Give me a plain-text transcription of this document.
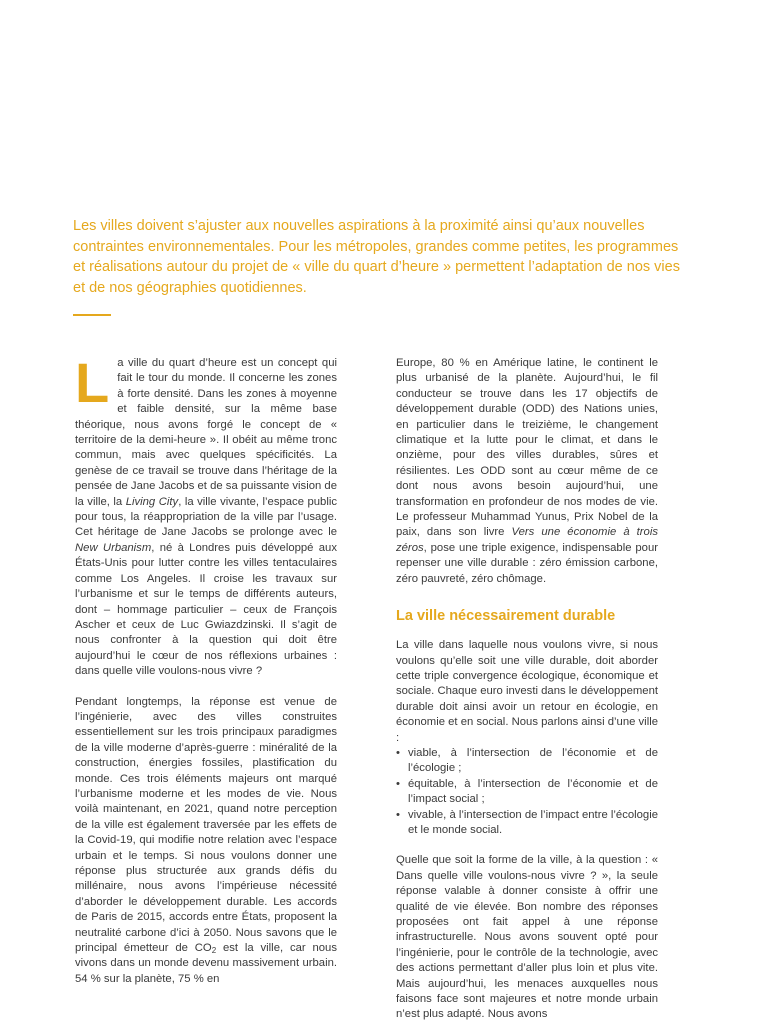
Les villes doivent s’ajuster aux nouvelles aspirations à la proximité ainsi qu’aux nouvelles contraintes environnementales. Pour les métropoles, grandes comme petites, les programmes et réalisations autour du projet de « ville du quart d’heure » permettent l’adaptation de nos vies et de nos géographies quotidiennes.

La ville du quart d’heure est un concept qui fait le tour du monde. Il concerne les zones à forte densité. Dans les zones à moyenne et faible densité, sur la même base théorique, nous avons forgé le concept de « territoire de la demi-heure ». Il obéit au même tronc commun, mais avec quelques spécificités. La genèse de ce travail se trouve dans l’héritage de la pensée de Jane Jacobs et de sa puissante vision de la ville, la Living City, la ville vivante, l’espace public pour tous, la réappropriation de la ville par l’usage. Cet héritage de Jane Jacobs se prolonge avec le New Urbanism, né à Londres puis développé aux États-Unis pour lutter contre les villes tentaculaires comme Los Angeles. Il croise les travaux sur l’urbanisme et sur le temps de différents auteurs, dont – hommage particulier – ceux de François Ascher et ceux de Luc Gwiazdzinski. Il s’agit de nous confronter à la question qui doit être aujourd’hui le cœur de nos réflexions urbaines : dans quelle ville voulons-nous vivre ?

Pendant longtemps, la réponse est venue de l’ingénierie, avec des villes construites essentiellement sur les trois principaux paradigmes de la ville moderne d’après-guerre : minéralité de la construction, énergies fossiles, plastification du monde. Ces trois éléments majeurs ont marqué l’urbanisme moderne et les modes de vie. Nous voilà maintenant, en 2021, quand notre perception de la ville est également traversée par les effets de la Covid-19, qui modifie notre relation avec l’espace urbain et le temps. Si nous voulons donner une réponse plus structurée aux grands défis du millénaire, nous avons l’impérieuse nécessité d’aborder le développement durable. Les accords de Paris de 2015, accords entre États, proposent la neutralité carbone d’ici à 2050. Nous savons que le principal émetteur de $CO_2$ est la ville, car nous vivons dans un monde devenu massivement urbain. 54 % sur la planète, 75 % en

Europe, 80 % en Amérique latine, le continent le plus urbanisé de la planète. Aujourd’hui, le fil conducteur se trouve dans les 17 objectifs de développement durable (ODD) des Nations unies, en particulier dans le treizième, le changement climatique et la lutte pour le climat, et dans le onzième, pour des villes durables, sûres et résilientes. Les ODD sont au cœur même de ce dont nous avons besoin aujourd’hui, une transformation en profondeur de nos modes de vie. Le professeur Muhammad Yunus, Prix Nobel de la paix, dans son livre Vers une économie à trois zéros, pose une triple exigence, indispensable pour repenser une ville durable : zéro émission carbone, zéro pauvreté, zéro chômage.

La ville nécessairement durable

La ville dans laquelle nous voulons vivre, si nous voulons qu’elle soit une ville durable, doit aborder cette triple convergence écologique, économique et sociale. Chaque euro investi dans le développement durable doit ainsi avoir un retour en écologie, en économie et en social. Nous parlons ainsi d’une ville :

• viable, à l’intersection de l’économie et de l’écologie ;
• équitable, à l’intersection de l’économie et de l’impact social ;
• vivable, à l’intersection de l’impact entre l’écologie et le monde social.

Quelle que soit la forme de la ville, à la question : « Dans quelle ville voulons-nous vivre ? », la seule réponse valable à donner consiste à offrir une qualité de vie élevée. Bon nombre des réponses proposées ont fait appel à une réponse infrastructurelle. Nous avons souvent opté pour l’ingénierie, pour le contrôle de la technologie, avec des actions permettant d’aller plus loin et plus vite. Mais aujourd’hui, les menaces auxquelles nous faisons face sont majeures et notre monde urbain n’est plus adapté. Nous avons
